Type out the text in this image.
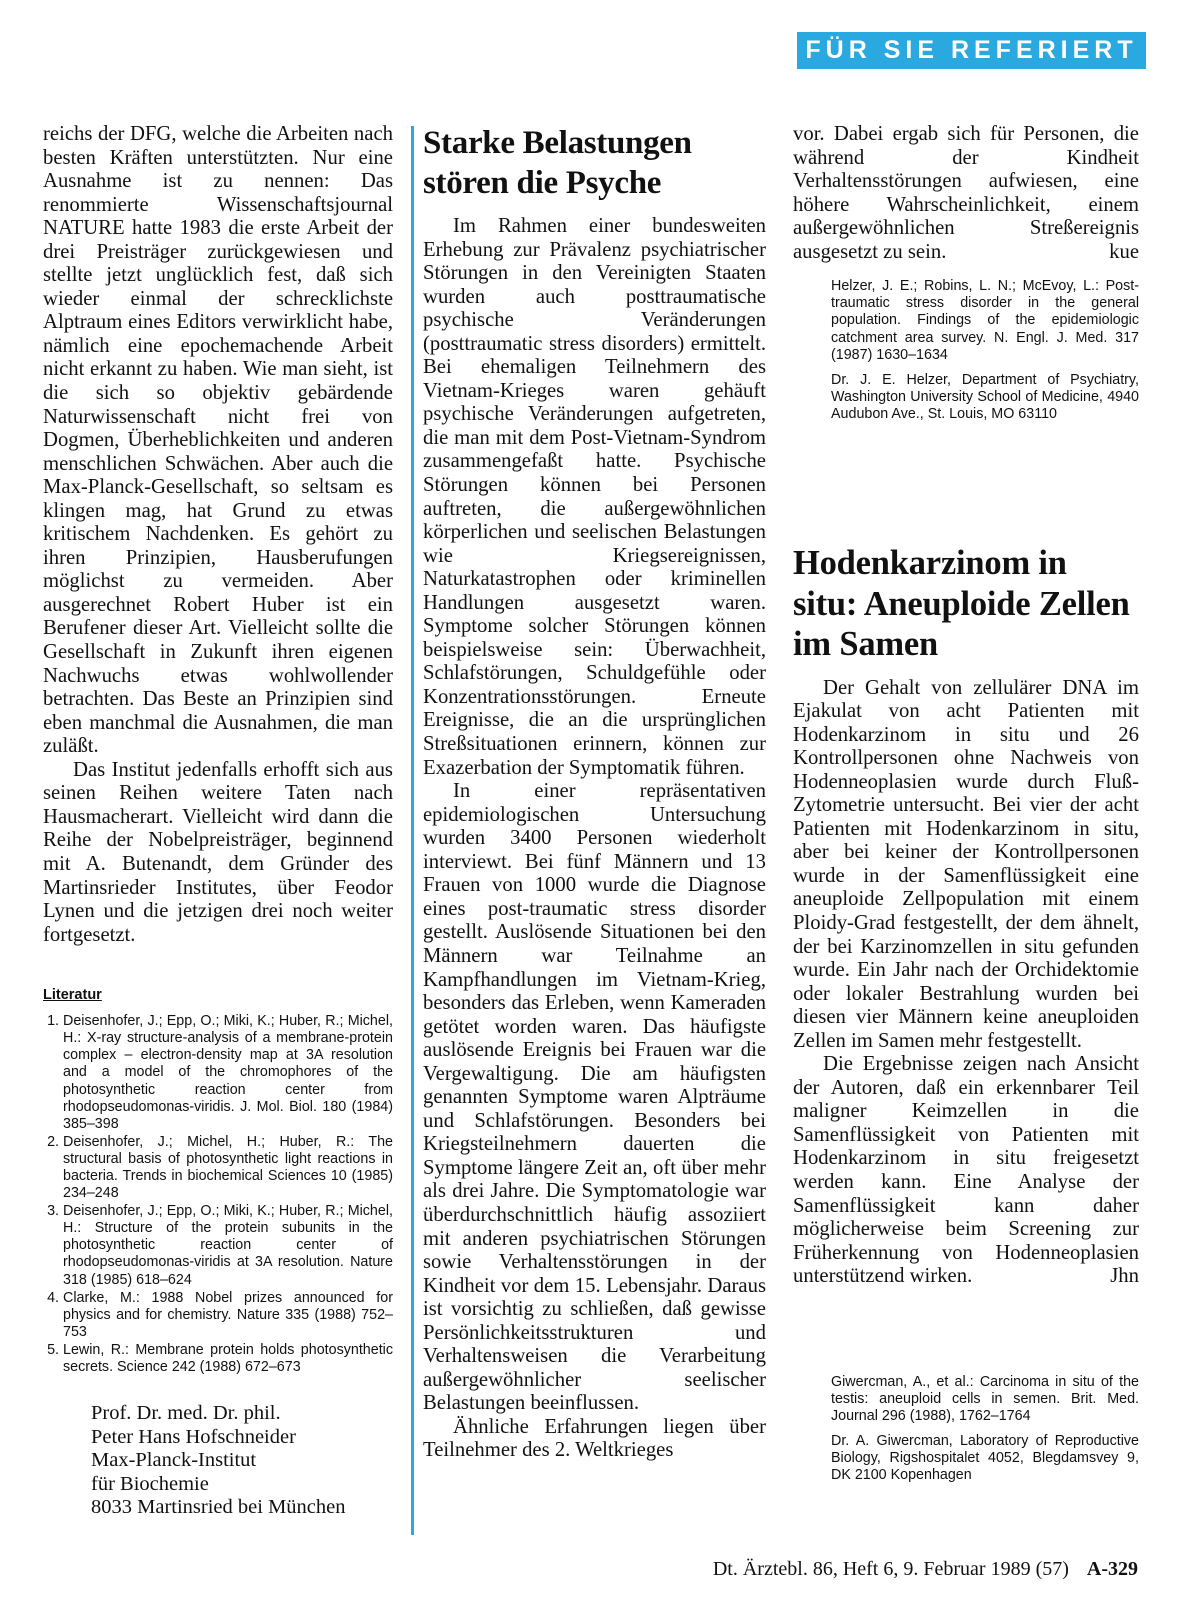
FÜR SIE REFERIERT

reichs der DFG, welche die Arbeiten nach besten Kräften unterstützten. Nur eine Ausnahme ist zu nennen: Das renommierte Wissenschaftsjournal NATURE hatte 1983 die erste Arbeit der drei Preisträger zurückgewiesen und stellte jetzt unglücklich fest, daß sich wieder einmal der schrecklichste Alptraum eines Editors verwirklicht habe, nämlich eine epochemachende Arbeit nicht erkannt zu haben. Wie man sieht, ist die sich so objektiv gebärdende Naturwissenschaft nicht frei von Dogmen, Überheblichkeiten und anderen menschlichen Schwächen. Aber auch die Max-Planck-Gesellschaft, so seltsam es klingen mag, hat Grund zu etwas kritischem Nachdenken. Es gehört zu ihren Prinzipien, Hausberufungen möglichst zu vermeiden. Aber ausgerechnet Robert Huber ist ein Berufener dieser Art. Vielleicht sollte die Gesellschaft in Zukunft ihren eigenen Nachwuchs etwas wohlwollender betrachten. Das Beste an Prinzipien sind eben manchmal die Ausnahmen, die man zuläßt.

Das Institut jedenfalls erhofft sich aus seinen Reihen weitere Taten nach Hausmacherart. Vielleicht wird dann die Reihe der Nobelpreisträger, beginnend mit A. Butenandt, dem Gründer des Martinsrieder Institutes, über Feodor Lynen und die jetzigen drei noch weiter fortgesetzt.

Literatur
1. Deisenhofer, J.; Epp, O.; Miki, K.; Huber, R.; Michel, H.: X-ray structure-analysis of a membrane-protein complex – electron-density map at 3A resolution and a model of the chromophores of the photosynthetic reaction center from rhodopseudomonas-viridis. J. Mol. Biol. 180 (1984) 385–398
2. Deisenhofer, J.; Michel, H.; Huber, R.: The structural basis of photosynthetic light reactions in bacteria. Trends in biochemical Sciences 10 (1985) 234–248
3. Deisenhofer, J.; Epp, O.; Miki, K.; Huber, R.; Michel, H.: Structure of the protein subunits in the photosynthetic reaction center of rhodopseudomonas-viridis at 3A resolution. Nature 318 (1985) 618–624
4. Clarke, M.: 1988 Nobel prizes announced for physics and for chemistry. Nature 335 (1988) 752–753
5. Lewin, R.: Membrane protein holds photosynthetic secrets. Science 242 (1988) 672–673
Prof. Dr. med. Dr. phil.
Peter Hans Hofschneider
Max-Planck-Institut
für Biochemie
8033 Martinsried bei München
Starke Belastungen stören die Psyche

Im Rahmen einer bundesweiten Erhebung zur Prävalenz psychiatrischer Störungen in den Vereinigten Staaten wurden auch posttraumatische psychische Veränderungen (posttraumatic stress disorders) ermittelt. Bei ehemaligen Teilnehmern des Vietnam-Krieges waren gehäuft psychische Veränderungen aufgetreten, die man mit dem Post-Vietnam-Syndrom zusammengefaßt hatte. Psychische Störungen können bei Personen auftreten, die außergewöhnlichen körperlichen und seelischen Belastungen wie Kriegsereignissen, Naturkatastrophen oder kriminellen Handlungen ausgesetzt waren. Symptome solcher Störungen können beispielsweise sein: Überwachheit, Schlafstörungen, Schuldgefühle oder Konzentrationsstörungen. Erneute Ereignisse, die an die ursprünglichen Streßsituationen erinnern, können zur Exazerbation der Symptomatik führen.

In einer repräsentativen epidemiologischen Untersuchung wurden 3400 Personen wiederholt interviewt. Bei fünf Männern und 13 Frauen von 1000 wurde die Diagnose eines post-traumatic stress disorder gestellt. Auslösende Situationen bei den Männern war Teilnahme an Kampfhandlungen im Vietnam-Krieg, besonders das Erleben, wenn Kameraden getötet worden waren. Das häufigste auslösende Ereignis bei Frauen war die Vergewaltigung. Die am häufigsten genannten Symptome waren Alpträume und Schlafstörungen. Besonders bei Kriegsteilnehmern dauerten die Symptome längere Zeit an, oft über mehr als drei Jahre. Die Symptomatologie war überdurchschnittlich häufig assoziiert mit anderen psychiatrischen Störungen sowie Verhaltensstörungen in der Kindheit vor dem 15. Lebensjahr. Daraus ist vorsichtig zu schließen, daß gewisse Persönlichkeitsstrukturen und Verhaltensweisen die Verarbeitung außergewöhnlicher seelischer Belastungen beeinflussen.

Ähnliche Erfahrungen liegen über Teilnehmer des 2. Weltkrieges

vor. Dabei ergab sich für Personen, die während der Kindheit Verhaltensstörungen aufwiesen, eine höhere Wahrscheinlichkeit, einem außergewöhnlichen Streßereignis ausgesetzt zu sein.	kue

Helzer, J. E.; Robins, L. N.; McEvoy, L.: Post-traumatic stress disorder in the general population. Findings of the epidemiologic catchment area survey. N. Engl. J. Med. 317 (1987) 1630–1634

Dr. J. E. Helzer, Department of Psychiatry, Washington University School of Medicine, 4940 Audubon Ave., St. Louis, MO 63110

Hodenkarzinom in situ: Aneuploide Zellen im Samen

Der Gehalt von zellulärer DNA im Ejakulat von acht Patienten mit Hodenkarzinom in situ und 26 Kontrollpersonen ohne Nachweis von Hodenneoplasien wurde durch Fluß-Zytometrie untersucht. Bei vier der acht Patienten mit Hodenkarzinom in situ, aber bei keiner der Kontrollpersonen wurde in der Samenflüssigkeit eine aneuploide Zellpopulation mit einem Ploidy-Grad festgestellt, der dem ähnelt, der bei Karzinomzellen in situ gefunden wurde. Ein Jahr nach der Orchidektomie oder lokaler Bestrahlung wurden bei diesen vier Männern keine aneuploiden Zellen im Samen mehr festgestellt.

Die Ergebnisse zeigen nach Ansicht der Autoren, daß ein erkennbarer Teil maligner Keimzellen in die Samenflüssigkeit von Patienten mit Hodenkarzinom in situ freigesetzt werden kann. Eine Analyse der Samenflüssigkeit kann daher möglicherweise beim Screening zur Früherkennung von Hodenneoplasien unterstützend wirken.	Jhn

Giwercman, A., et al.: Carcinoma in situ of the testis: aneuploid cells in semen. Brit. Med. Journal 296 (1988), 1762–1764

Dr. A. Giwercman, Laboratory of Reproductive Biology, Rigshospitalet 4052, Blegdamsvey 9, DK 2100 Kopenhagen

Dt. Ärztebl. 86, Heft 6, 9. Februar 1989 (57) A-329
